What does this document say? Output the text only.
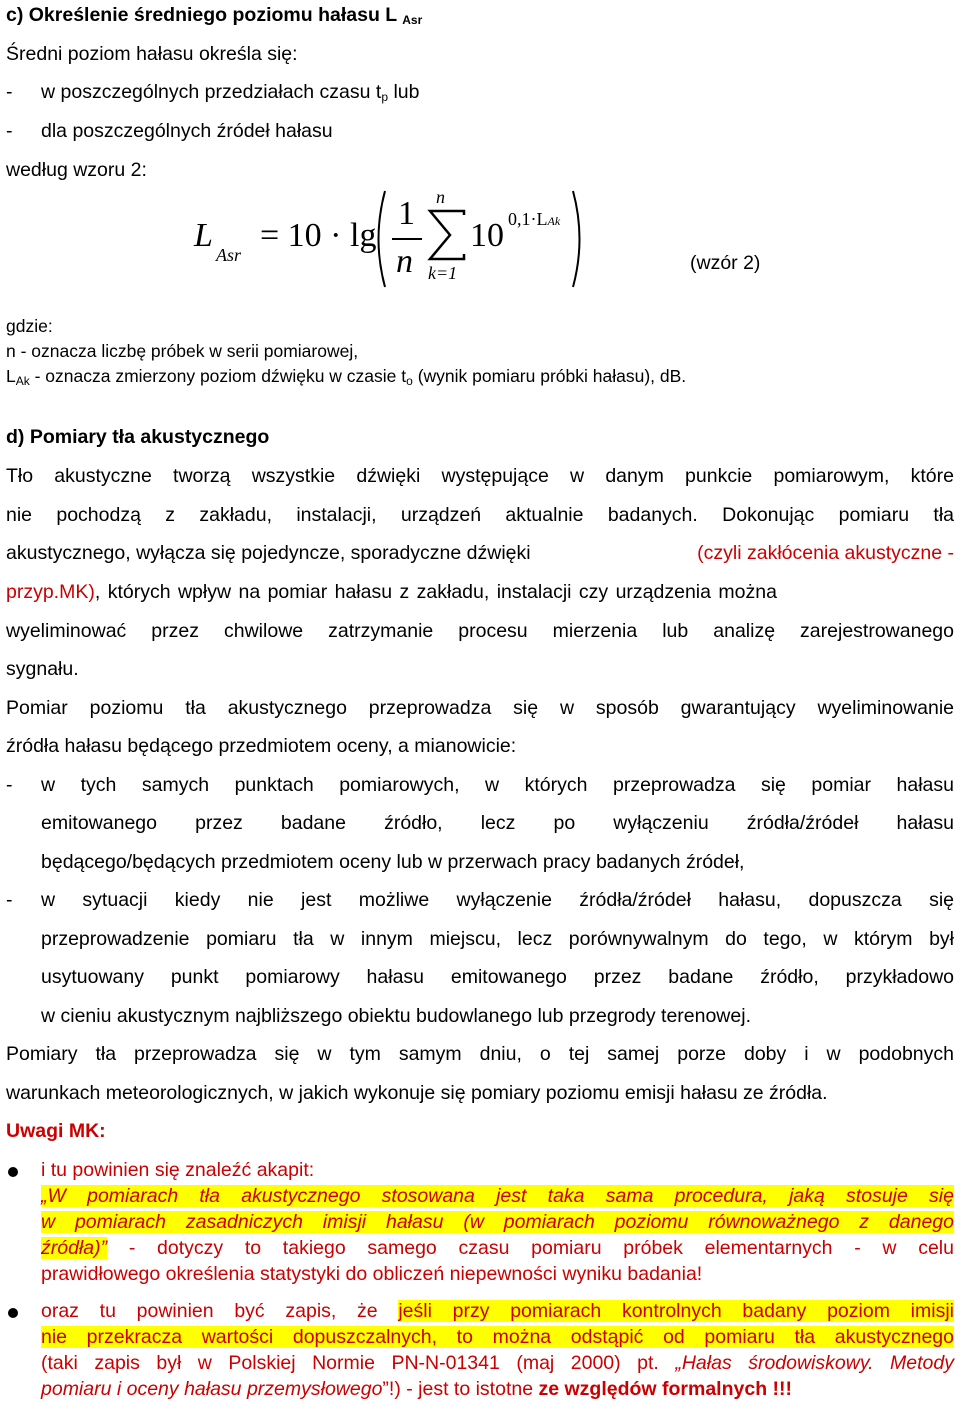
c) Określenie średniego poziomu hałasu L $_{Asr}$
Średni poziom hałasu określa się:
- w poszczególnych przedziałach czasu $t_p$ lub
- dla poszczególnych źródeł hałasu
według wzoru 2:
L
Asr
= 10 · lg
1
n
n
k=1
10 0,1·LAk
(wzór 2)
gdzie:
n - oznacza liczbę próbek w serii pomiarowej,
$L_{Ak}$ - oznacza zmierzony poziom dźwięku w czasie $t_o$ (wynik pomiaru próbki hałasu), dB.
d) Pomiary tła akustycznego
Tło akustyczne tworzą wszystkie dźwięki występujące w danym punkcie pomiarowym, które
nie pochodzą z zakładu, instalacji, urządzeń aktualnie badanych. Dokonując pomiaru tła
akustycznego, wyłącza się pojedyncze, sporadyczne dźwięki	(czyli zakłócenia akustyczne -
przyp.MK), których wpływ na pomiar hałasu z zakładu, instalacji czy urządzenia można
wyeliminować przez chwilowe zatrzymanie procesu mierzenia lub analizę zarejestrowanego
sygnału.
Pomiar poziomu tła akustycznego przeprowadza się w sposób gwarantujący wyeliminowanie
źródła hałasu będącego przedmiotem oceny, a mianowicie:
- w tych samych punktach pomiarowych, w których przeprowadza się pomiar hałasu
emitowanego przez badane źródło, lecz po wyłączeniu źródła/źródeł hałasu
będącego/będących przedmiotem oceny lub w przerwach pracy badanych źródeł,
- w sytuacji kiedy nie jest możliwe wyłączenie źródła/źródeł hałasu, dopuszcza się
przeprowadzenie pomiaru tła w innym miejscu, lecz porównywalnym do tego, w którym był
usytuowany punkt pomiarowy hałasu emitowanego przez badane źródło, przykładowo
w cieniu akustycznym najbliższego obiektu budowlanego lub przegrody terenowej.
Pomiary tła przeprowadza się w tym samym dniu, o tej samej porze doby i w podobnych
warunkach meteorologicznych, w jakich wykonuje się pomiary poziomu emisji hałasu ze źródła.
Uwagi MK:
i tu powinien się znaleźć akapit:
„W pomiarach tła akustycznego stosowana jest taka sama procedura, jaką stosuje się
w pomiarach zasadniczych imisji hałasu (w pomiarach poziomu równoważnego z danego
źródła)” - dotyczy to takiego samego czasu pomiaru próbek elementarnych - w celu
prawidłowego określenia statystyki do obliczeń niepewności wyniku badania!
oraz tu powinien być zapis, że jeśli przy pomiarach kontrolnych badany poziom imisji
nie przekracza wartości dopuszczalnych, to można odstąpić od pomiaru tła akustycznego
(taki zapis był w Polskiej Normie PN-N-01341 (maj 2000) pt. „Hałas środowiskowy. Metody
pomiaru i oceny hałasu przemysłowego”!) - jest to istotne ze względów formalnych !!!
